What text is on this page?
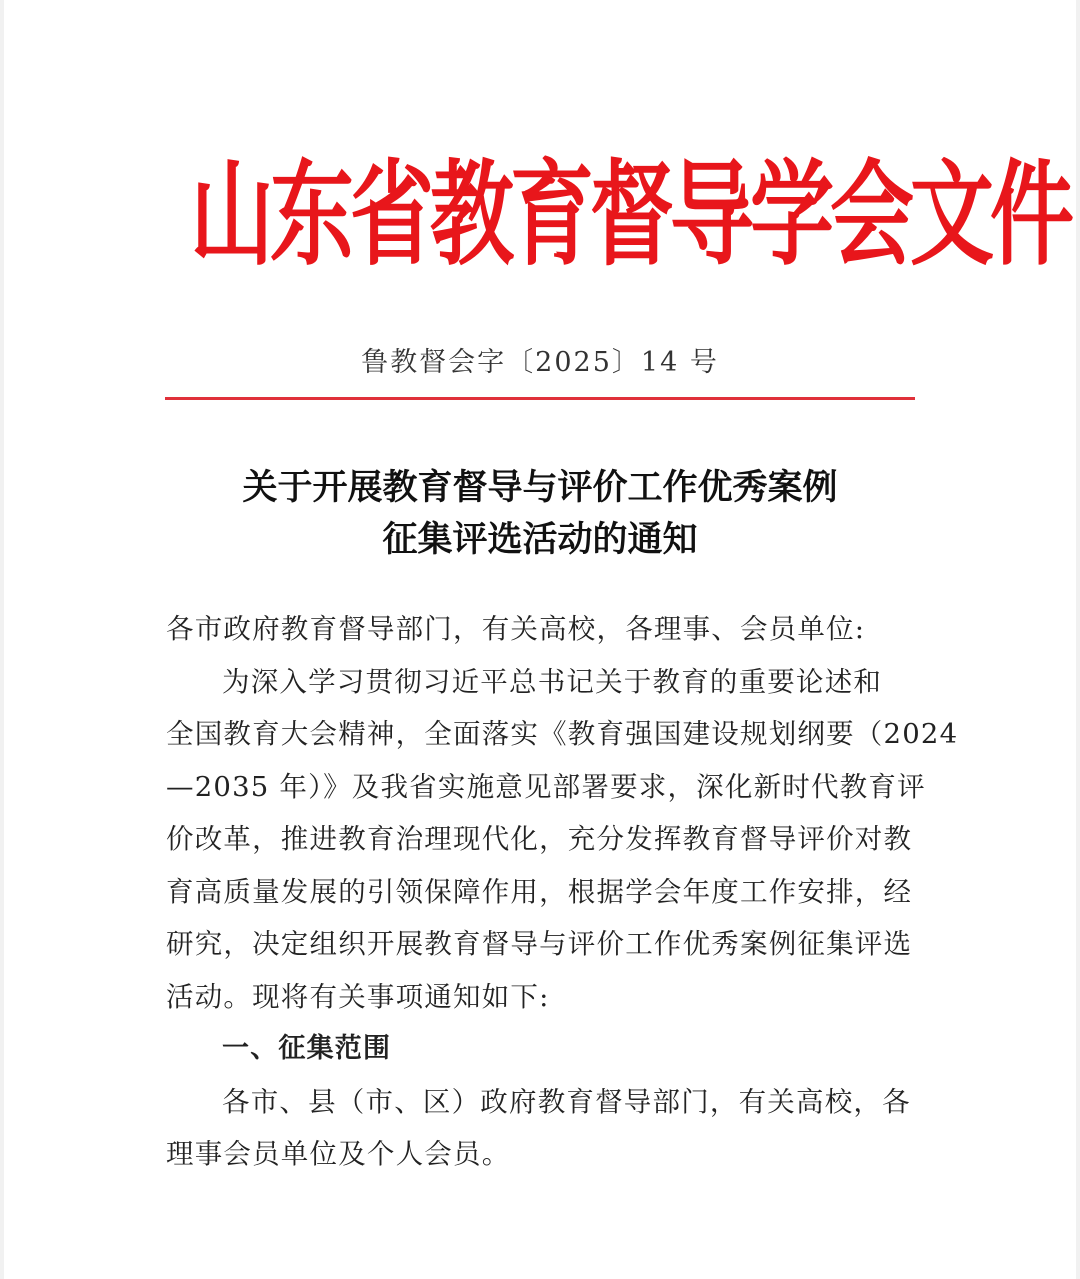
山东省教育督导学会文件
鲁教督会字〔2025〕14 号
关于开展教育督导与评价工作优秀案例
征集评选活动的通知
各市政府教育督导部门，有关高校，各理事、会员单位:
为深入学习贯彻习近平总书记关于教育的重要论述和
全国教育大会精神，全面落实《教育强国建设规划纲要（2024
—2035 年）》及我省实施意见部署要求，深化新时代教育评
价改革，推进教育治理现代化，充分发挥教育督导评价对教
育高质量发展的引领保障作用，根据学会年度工作安排，经
研究，决定组织开展教育督导与评价工作优秀案例征集评选
活动。现将有关事项通知如下:
一、征集范围
各市、县（市、区）政府教育督导部门，有关高校，各
理事会员单位及个人会员。
